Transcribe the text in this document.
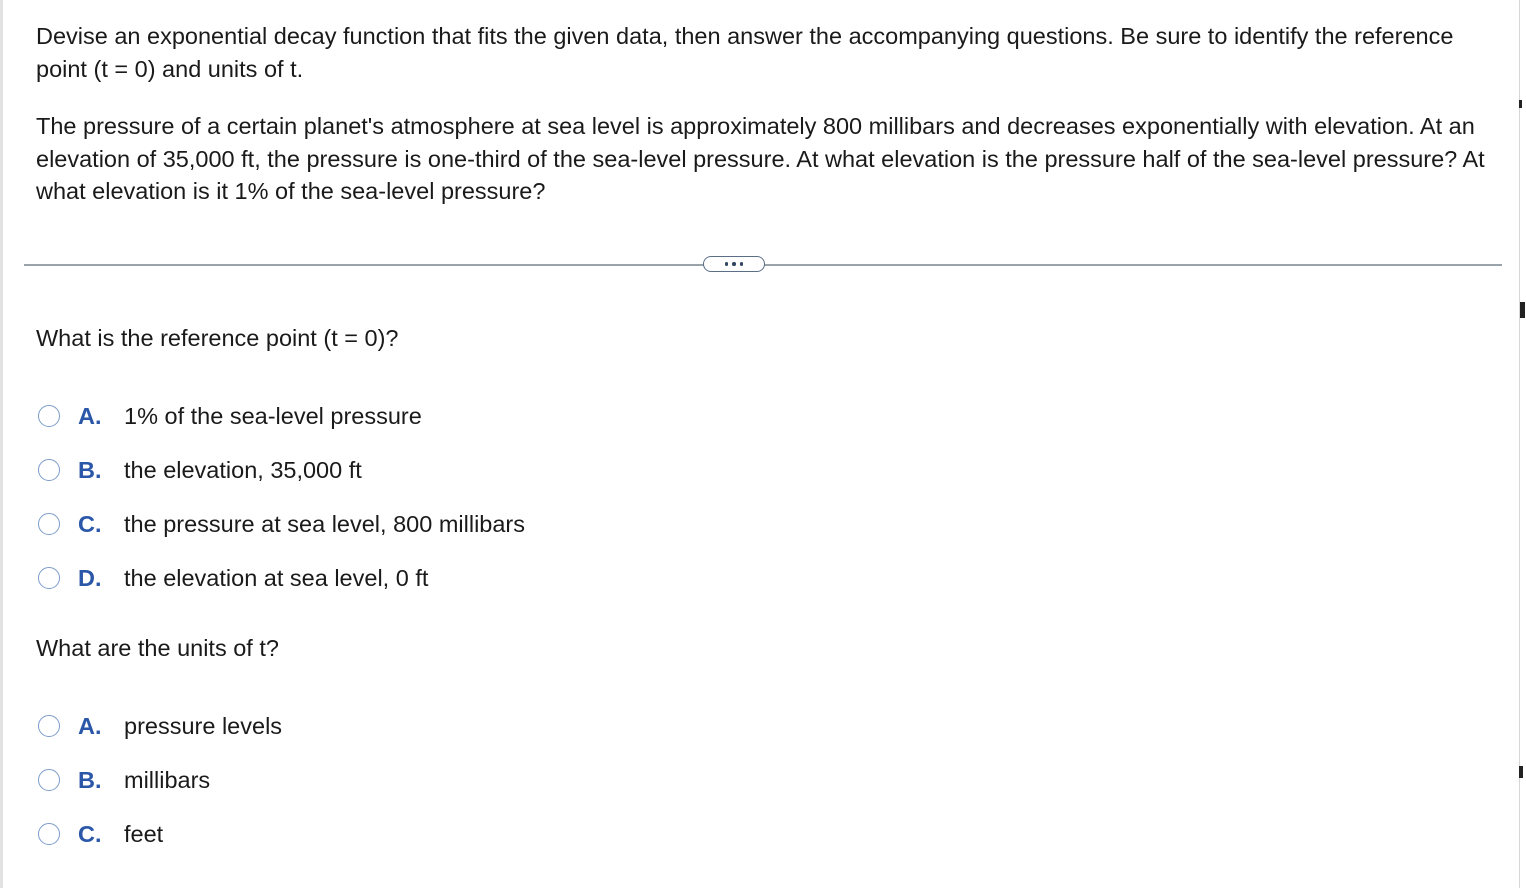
Devise an exponential decay function that fits the given data, then answer the accompanying questions. Be sure to identify the reference point (t = 0) and units of t.

The pressure of a certain planet's atmosphere at sea level is approximately 800 millibars and decreases exponentially with elevation. At an elevation of 35,000 ft, the pressure is one-third of the sea-level pressure. At what elevation is the pressure half of the sea-level pressure? At what elevation is it 1% of the sea-level pressure?

What is the reference point (t = 0)?

A. 1% of the sea-level pressure
B. the elevation, 35,000 ft
C. the pressure at sea level, 800 millibars
D. the elevation at sea level, 0 ft

What are the units of t?

A. pressure levels
B. millibars
C. feet
